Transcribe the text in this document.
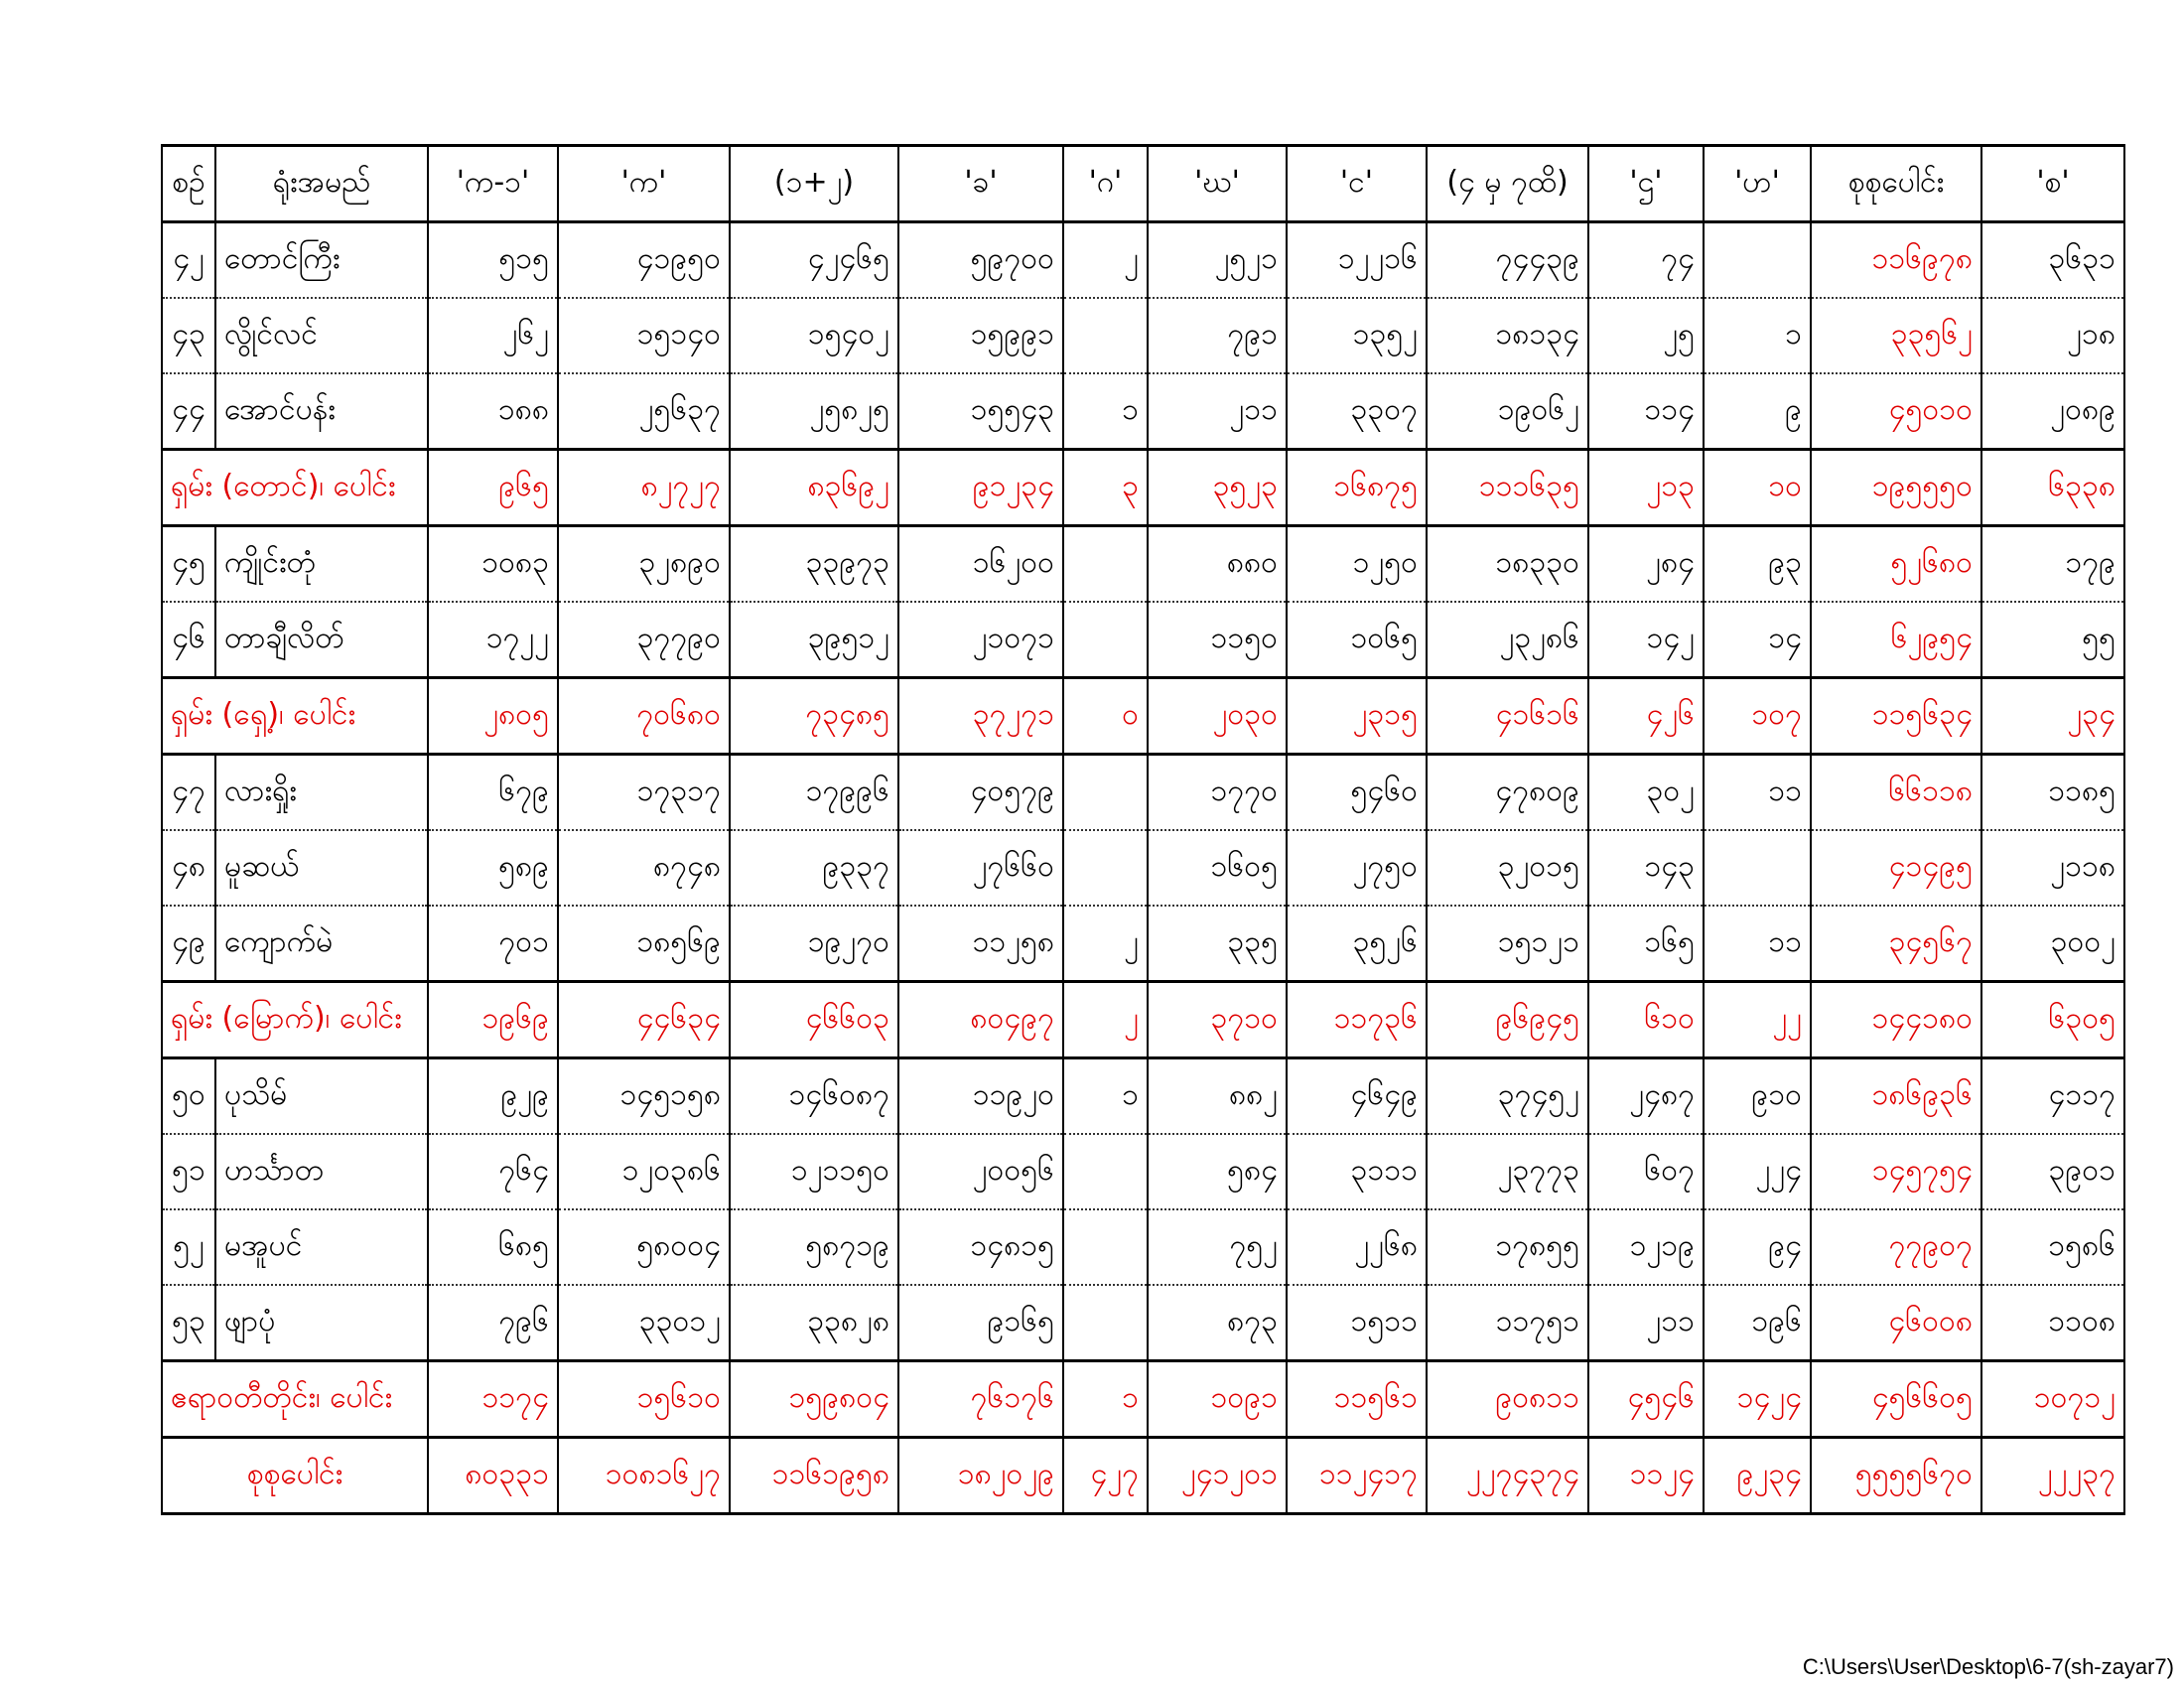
စဉ်	ရုံးအမည်	'က-၁'	'က'	(၁+၂)	'ခ'	'ဂ'	'ဃ'	'င'	(၄ မှ ၇ထိ)	'ဌ'	'ဟ'	စုစုပေါင်း	'စ'
၄၂	တောင်ကြီး	၅၁၅	၄၁၉၅၀	၄၂၄၆၅	၅၉၇၀၀	၂	၂၅၂၁	၁၂၂၁၆	၇၄၄၃၉	၇၄		၁၁၆၉၇၈	၃၆၃၁
၄၃	လွိုင်လင်	၂၆၂	၁၅၁၄၀	၁၅၄၀၂	၁၅၉၉၁		၇၉၁	၁၃၅၂	၁၈၁၃၄	၂၅	၁	၃၃၅၆၂	၂၁၈
၄၄	အောင်ပန်း	၁၈၈	၂၅၆၃၇	၂၅၈၂၅	၁၅၅၄၃	၁	၂၁၁	၃၃၀၇	၁၉၀၆၂	၁၁၄	၉	၄၅၀၁၀	၂၀၈၉
ရှမ်း (တောင်)၊ ပေါင်း		၉၆၅	၈၂၇၂၇	၈၃၆၉၂	၉၁၂၃၄	၃	၃၅၂၃	၁၆၈၇၅	၁၁၁၆၃၅	၂၁၃	၁၀	၁၉၅၅၅၀	၆၃၃၈
၄၅	ကျိုင်းတုံ	၁၀၈၃	၃၂၈၉၀	၃၃၉၇၃	၁၆၂၀၀		၈၈၀	၁၂၅၀	၁၈၃၃၀	၂၈၄	၉၃	၅၂၆၈၀	၁၇၉
၄၆	တာချီလိတ်	၁၇၂၂	၃၇၇၉၀	၃၉၅၁၂	၂၁၀၇၁		၁၁၅၀	၁၀၆၅	၂၃၂၈၆	၁၄၂	၁၄	၆၂၉၅၄	၅၅
ရှမ်း (ရှေ့)၊ ပေါင်း		၂၈၀၅	၇၀၆၈၀	၇၃၄၈၅	၃၇၂၇၁	၀	၂၀၃၀	၂၃၁၅	၄၁၆၁၆	၄၂၆	၁၀၇	၁၁၅၆၃၄	၂၃၄
၄၇	လားရှိုး	၆၇၉	၁၇၃၁၇	၁၇၉၉၆	၄၀၅၇၉		၁၇၇၀	၅၄၆၀	၄၇၈၀၉	၃၀၂	၁၁	၆၆၁၁၈	၁၁၈၅
၄၈	မူဆယ်	၅၈၉	၈၇၄၈	၉၃၃၇	၂၇၆၆၀		၁၆၀၅	၂၇၅၀	၃၂၀၁၅	၁၄၃		၄၁၄၉၅	၂၁၁၈
၄၉	ကျောက်မဲ	၇၀၁	၁၈၅၆၉	၁၉၂၇၀	၁၁၂၅၈	၂	၃၃၅	၃၅၂၆	၁၅၁၂၁	၁၆၅	၁၁	၃၄၅၆၇	၃၀၀၂
ရှမ်း (မြောက်)၊ ပေါင်း		၁၉၆၉	၄၄၆၃၄	၄၆၆၀၃	၈၀၄၉၇	၂	၃၇၁၀	၁၁၇၃၆	၉၆၉၄၅	၆၁၀	၂၂	၁၄၄၁၈၀	၆၃၀၅
၅၀	ပုသိမ်	၉၂၉	၁၄၅၁၅၈	၁၄၆၀၈၇	၁၁၉၂၀	၁	၈၈၂	၄၆၄၉	၃၇၄၅၂	၂၄၈၇	၉၁၀	၁၈၆၉၃၆	၄၁၁၇
၅၁	ဟင်္သာတ	၇၆၄	၁၂၀၃၈၆	၁၂၁၁၅၀	၂၀၀၅၆		၅၈၄	၃၁၁၁	၂၃၇၇၃	၆၀၇	၂၂၄	၁၄၅၇၅၄	၃၉၀၁
၅၂	မအူပင်	၆၈၅	၅၈၀၀၄	၅၈၇၁၉	၁၄၈၁၅		၇၅၂	၂၂၆၈	၁၇၈၅၅	၁၂၁၉	၉၄	၇၇၉၀၇	၁၅၈၆
၅၃	ဖျာပုံ	၇၉၆	၃၃၀၁၂	၃၃၈၂၈	၉၁၆၅		၈၇၃	၁၅၁၁	၁၁၇၅၁	၂၁၁	၁၉၆	၄၆၀၀၈	၁၁၀၈
ဧရာဝတီတိုင်း၊ ပေါင်း		၁၁၇၄	၁၅၆၁၀	၁၅၉၈၀၄	၇၆၁၇၆	၁	၁၀၉၁	၁၁၅၆၁	၉၀၈၁၁	၄၅၄၆	၁၄၂၄	၄၅၆၆၀၅	၁၀၇၁၂
စုစုပေါင်း		၈၀၃၃၁	၁၀၈၁၆၂၇	၁၁၆၁၉၅၈	၁၈၂၀၂၉	၄၂၇	၂၄၁၂၀၁	၁၁၂၄၁၇	၂၂၇၄၃၇၄	၁၁၂၄	၉၂၃၄	၅၅၅၅၆၇၀	၂၂၂၃၇
C:\Users\User\Desktop\6-7(sh-zayar7)
